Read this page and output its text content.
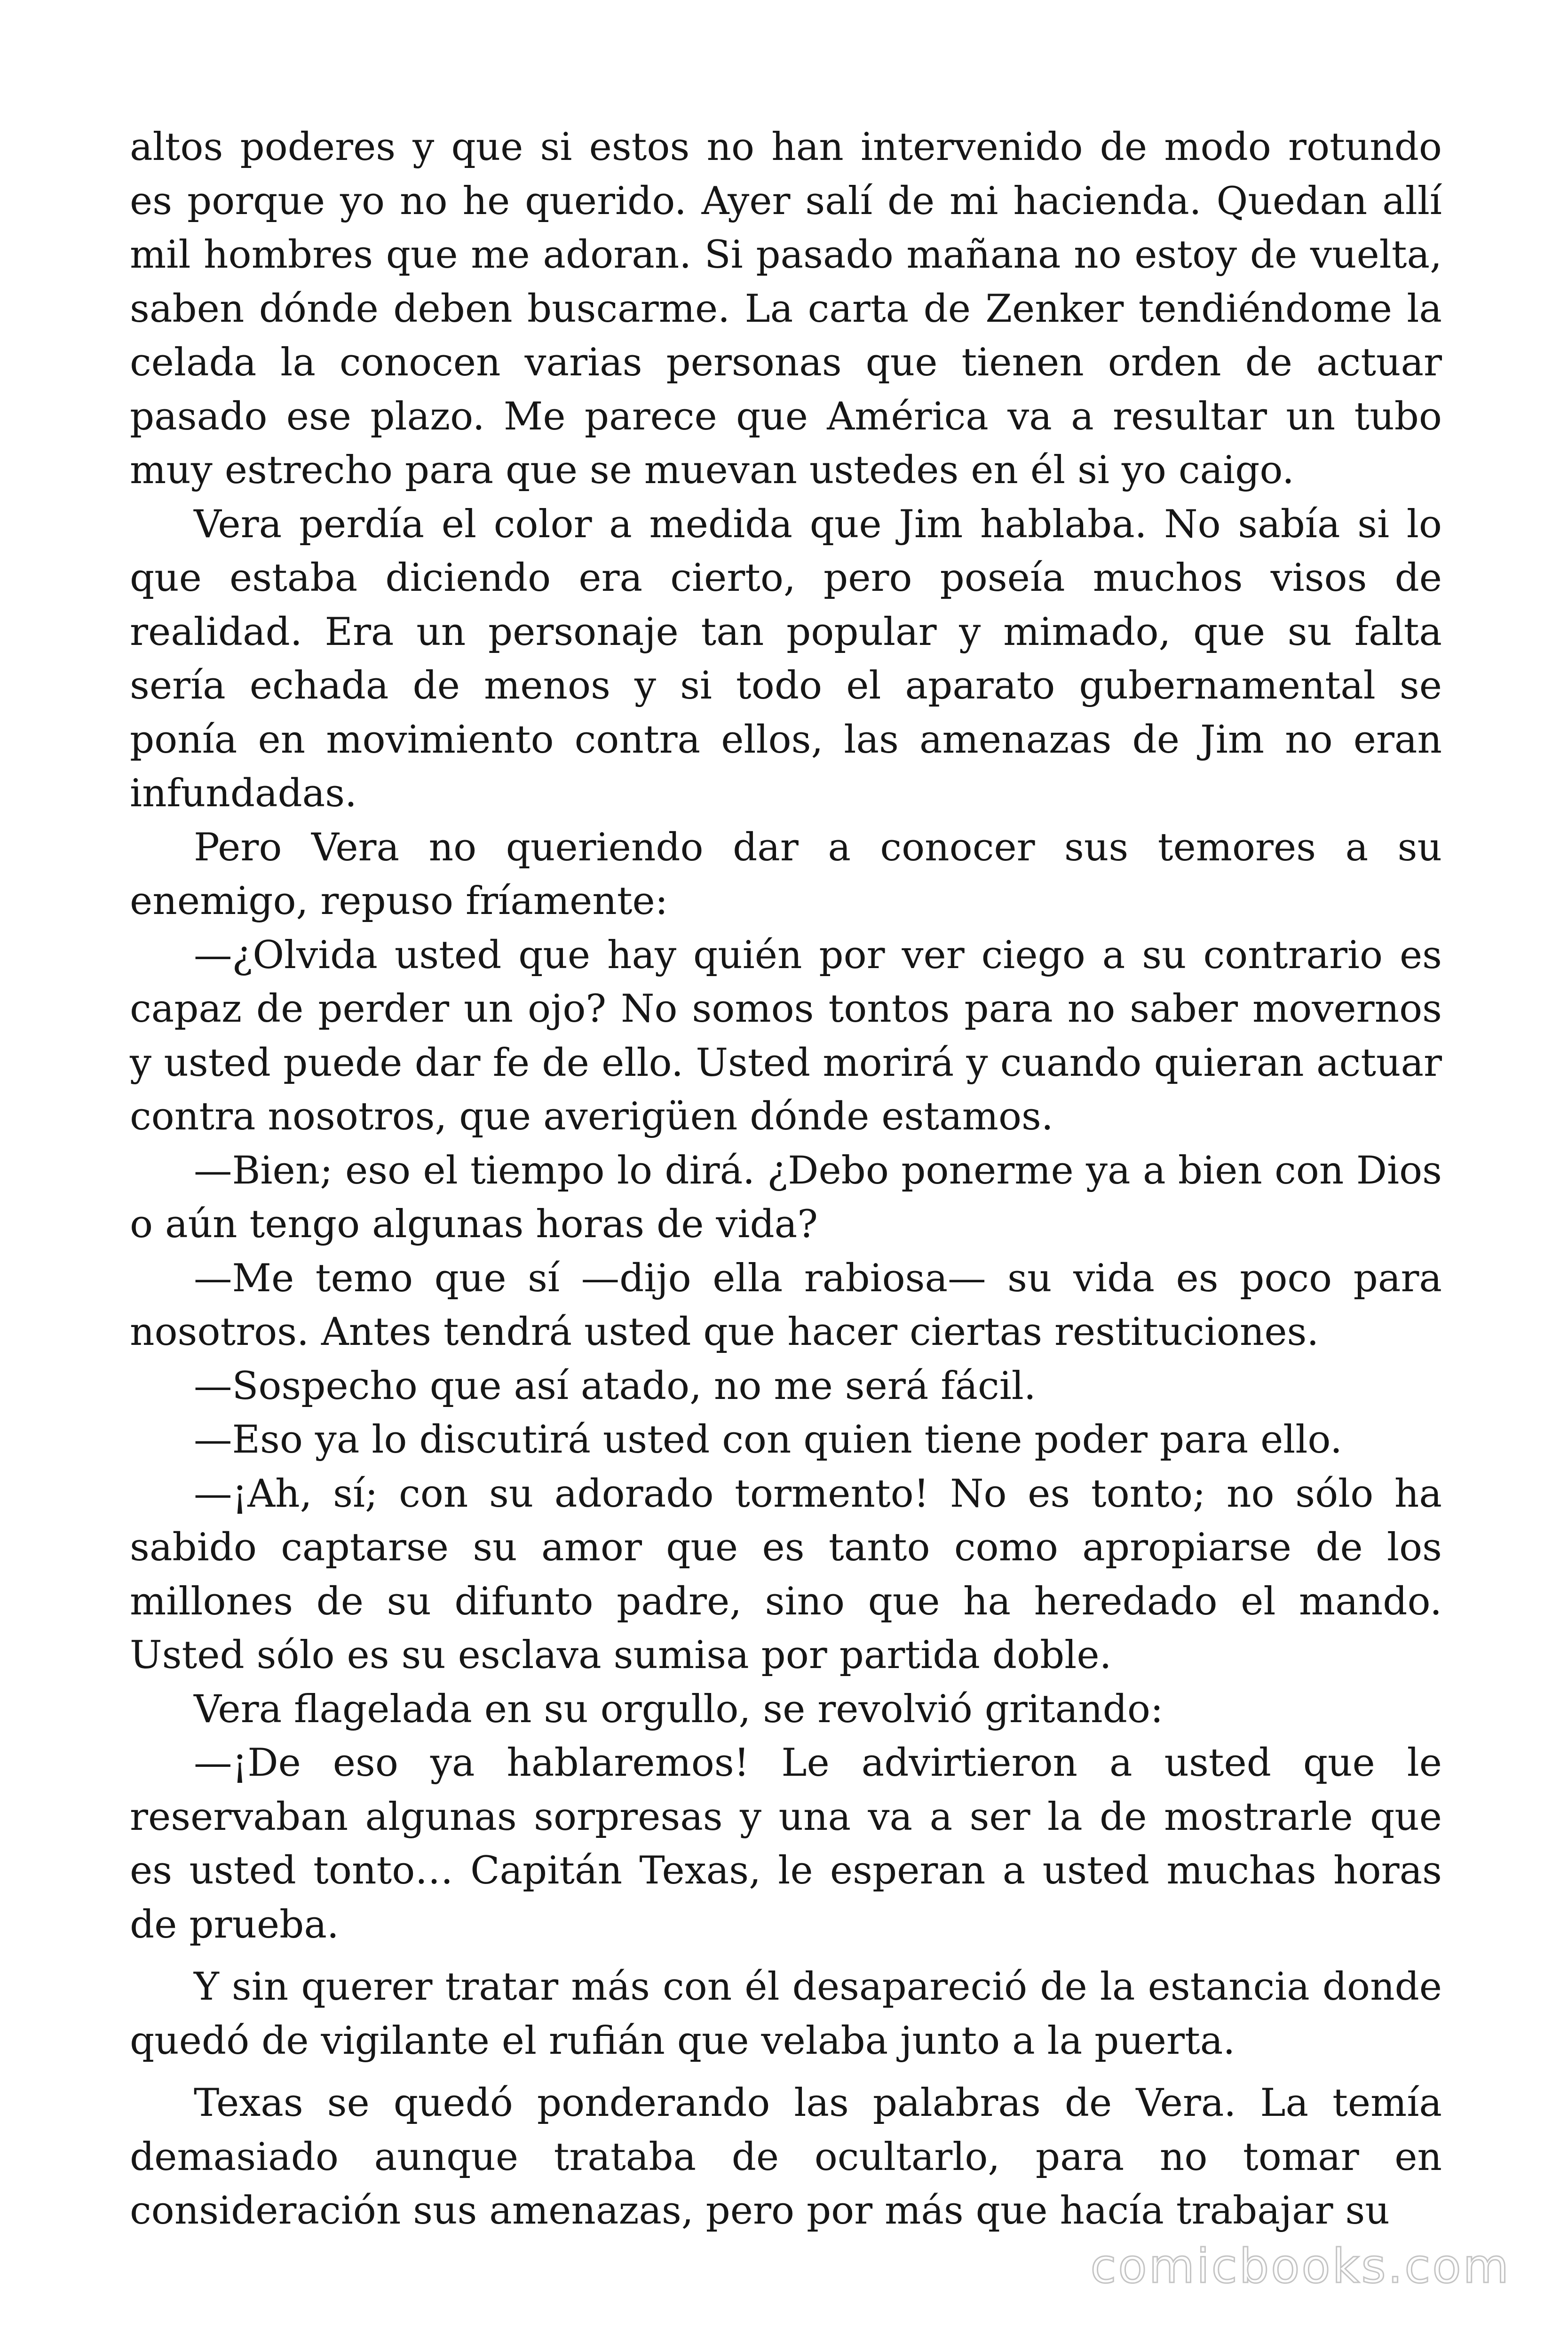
altos poderes y que si estos no han intervenido de modo rotundo es porque yo no he querido. Ayer salí de mi hacienda. Quedan allí mil hombres que me adoran. Si pasado mañana no estoy de vuelta, saben dónde deben buscarme. La carta de Zenker tendiéndome la celada la conocen varias personas que tienen orden de actuar pasado ese plazo. Me parece que América va a resultar un tubo muy estrecho para que se muevan ustedes en él si yo caigo.

Vera perdía el color a medida que Jim hablaba. No sabía si lo que estaba diciendo era cierto, pero poseía muchos visos de realidad. Era un personaje tan popular y mimado, que su falta sería echada de menos y si todo el aparato gubernamental se ponía en movimiento contra ellos, las amenazas de Jim no eran infundadas.

Pero Vera no queriendo dar a conocer sus temores a su enemigo, repuso fríamente:

—¿Olvida usted que hay quién por ver ciego a su contrario es capaz de perder un ojo? No somos tontos para no saber movernos y usted puede dar fe de ello. Usted morirá y cuando quieran actuar contra nosotros, que averigüen dónde estamos.

—Bien; eso el tiempo lo dirá. ¿Debo ponerme ya a bien con Dios o aún tengo algunas horas de vida?

—Me temo que sí —dijo ella rabiosa— su vida es poco para nosotros. Antes tendrá usted que hacer ciertas restituciones.

—Sospecho que así atado, no me será fácil.

—Eso ya lo discutirá usted con quien tiene poder para ello.

—¡Ah, sí; con su adorado tormento! No es tonto; no sólo ha sabido captarse su amor que es tanto como apropiarse de los millones de su difunto padre, sino que ha heredado el mando. Usted sólo es su esclava sumisa por partida doble.

Vera flagelada en su orgullo, se revolvió gritando:

—¡De eso ya hablaremos! Le advirtieron a usted que le reservaban algunas sorpresas y una va a ser la de mostrarle que es usted tonto… Capitán Texas, le esperan a usted muchas horas de prueba.

Y sin querer tratar más con él desapareció de la estancia donde quedó de vigilante el rufián que velaba junto a la puerta.

Texas se quedó ponderando las palabras de Vera. La temía demasiado aunque trataba de ocultarlo, para no tomar en consideración sus amenazas, pero por más que hacía trabajar su

comicbooks.com
